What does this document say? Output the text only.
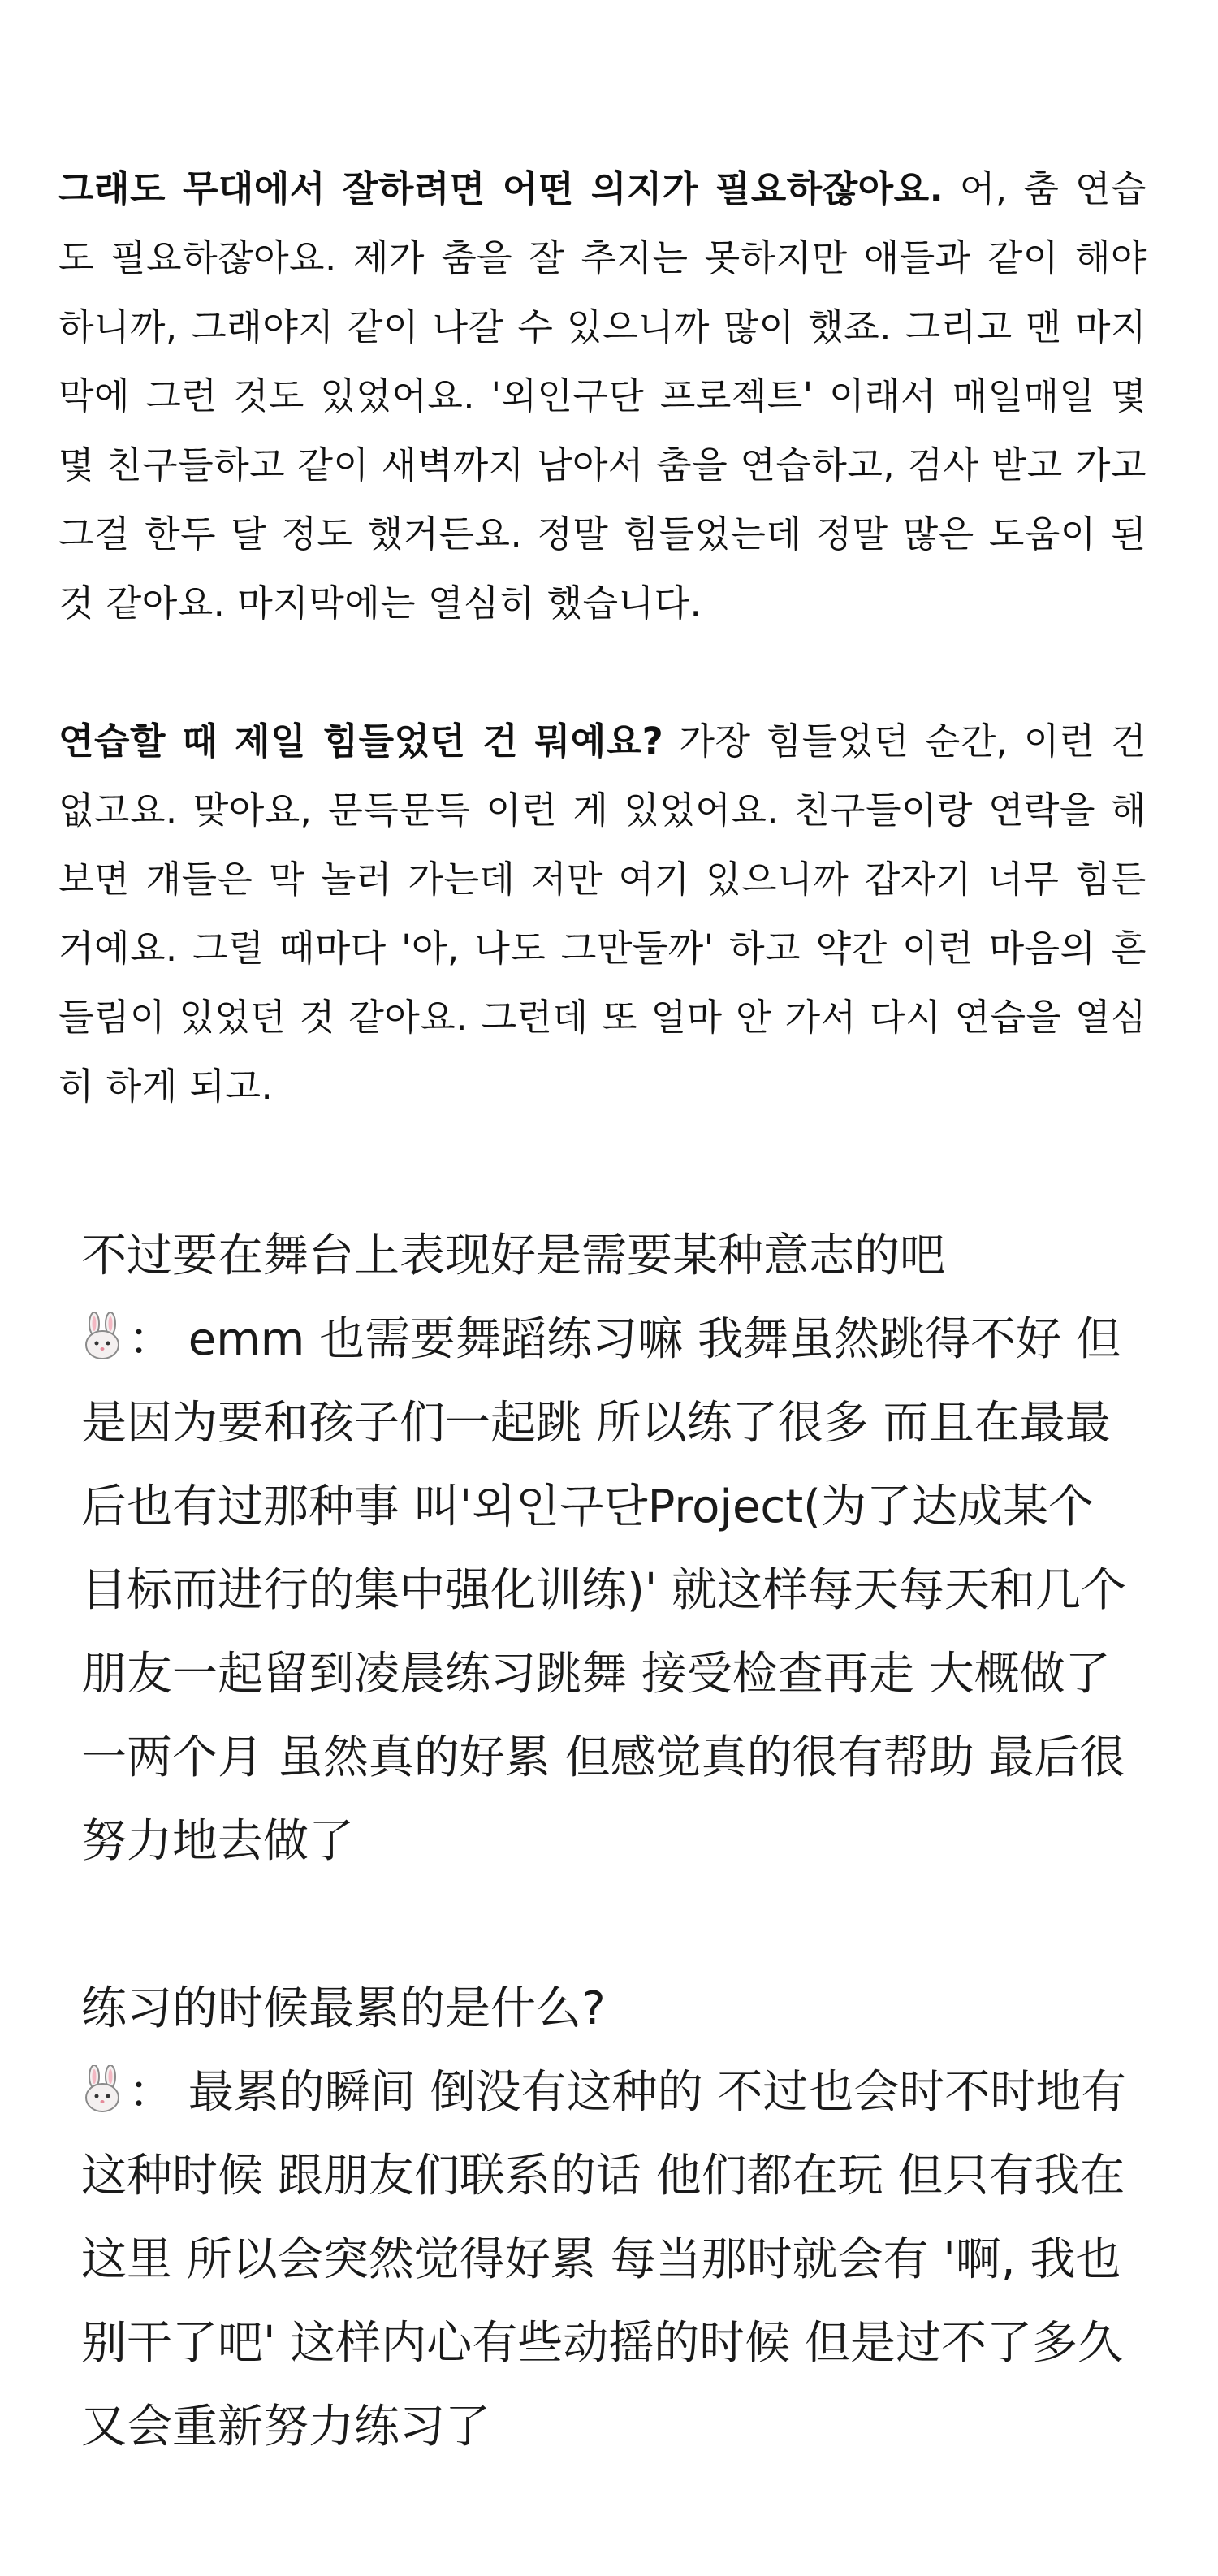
그래도 무대에서 잘하려면 어떤 의지가 필요하잖아요. 어, 춤 연습도 필요하잖아요. 제가 춤을 잘 추지는 못하지만 애들과 같이 해야 하니까, 그래야지 같이 나갈 수 있으니까 많이 했죠. 그리고 맨 마지막에 그런 것도 있었어요. '외인구단 프로젝트' 이래서 매일매일 몇몇 친구들하고 같이 새벽까지 남아서 춤을 연습하고, 검사 받고 가고 그걸 한두 달 정도 했거든요. 정말 힘들었는데 정말 많은 도움이 된 것 같아요. 마지막에는 열심히 했습니다.

연습할 때 제일 힘들었던 건 뭐예요? 가장 힘들었던 순간, 이런 건 없고요. 맞아요, 문득문득 이런 게 있었어요. 친구들이랑 연락을 해보면 걔들은 막 놀러 가는데 저만 여기 있으니까 갑자기 너무 힘든 거예요. 그럴 때마다 '아, 나도 그만둘까' 하고 약간 이런 마음의 흔들림이 있었던 것 같아요. 그런데 또 얼마 안 가서 다시 연습을 열심히 하게 되고.

不过要在舞台上表现好是需要某种意志的吧

： emm 也需要舞蹈练习嘛 我舞虽然跳得不好 但是因为要和孩子们一起跳 所以练了很多 而且在最最后也有过那种事 叫'외인구단Project(为了达成某个目标而进行的集中强化训练)' 就这样每天每天和几个朋友一起留到凌晨练习跳舞 接受检查再走 大概做了一两个月 虽然真的好累 但感觉真的很有帮助 最后很努力地去做了

练习的时候最累的是什么?

： 最累的瞬间 倒没有这种的 不过也会时不时地有这种时候 跟朋友们联系的话 他们都在玩 但只有我在这里 所以会突然觉得好累 每当那时就会有 '啊, 我也别干了吧' 这样内心有些动摇的时候 但是过不了多久又会重新努力练习了
